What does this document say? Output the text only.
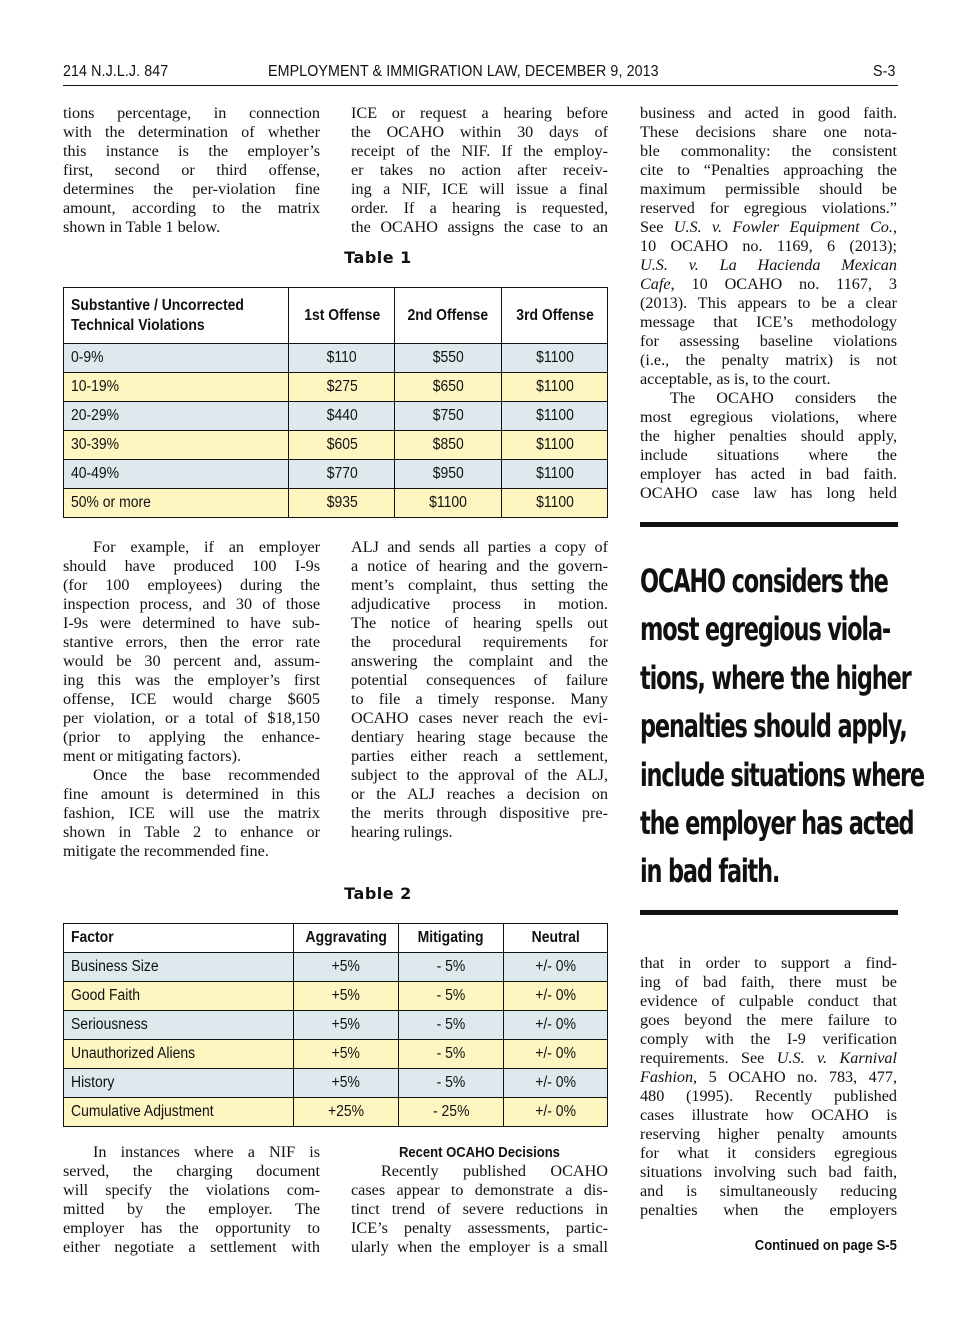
214 N.J.L.J. 847	EMPLOYMENT & IMMIGRATION LAW, DECEMBER 9, 2013	S-3
tions percentage, in connection
with the determination of whether
this instance is the employer’s
first, second or third offense,
determines the per-violation fine
amount, according to the matrix
shown in Table 1 below.
ICE or request a hearing before
the OCAHO within 30 days of
receipt of the NIF. If the employ-
er takes no action after receiv-
ing a NIF, ICE will issue a final
order. If a hearing is requested,
the OCAHO assigns the case to an
Table 1
Substantive / Uncorrected
Technical Violations	1st Offense	2nd Offense	3rd Offense
0-9%	$110	$550	$1100
10-19%	$275	$650	$1100
20-29%	$440	$750	$1100
30-39%	$605	$850	$1100
40-49%	$770	$950	$1100
50% or more	$935	$1100	$1100
For example, if an employer
should have produced 100 I-9s
(for 100 employees) during the
inspection process, and 30 of those
I-9s were determined to have sub-
stantive errors, then the error rate
would be 30 percent and, assum-
ing this was the employer’s first
offense, ICE would charge $605
per violation, or a total of $18,150
(prior to applying the enhance-
ment or mitigating factors).
Once the base recommended
fine amount is determined in this
fashion, ICE will use the matrix
shown in Table 2 to enhance or
mitigate the recommended fine.
ALJ and sends all parties a copy of
a notice of hearing and the govern-
ment’s complaint, thus setting the
adjudicative process in motion.
The notice of hearing spells out
the procedural requirements for
answering the complaint and the
potential consequences of failure
to file a timely response. Many
OCAHO cases never reach the evi-
dentiary hearing stage because the
parties either reach a settlement,
subject to the approval of the ALJ,
or the ALJ reaches a decision on
the merits through dispositive pre-
hearing rulings.
Table 2
Factor	Aggravating	Mitigating	Neutral
Business Size	+5%	- 5%	+/- 0%
Good Faith	+5%	- 5%	+/- 0%
Seriousness	+5%	- 5%	+/- 0%
Unauthorized Aliens	+5%	- 5%	+/- 0%
History	+5%	- 5%	+/- 0%
Cumulative Adjustment	+25%	- 25%	+/- 0%
In instances where a NIF is
served, the charging document
will specify the violations com-
mitted by the employer. The
employer has the opportunity to
either negotiate a settlement with
Recent OCAHO Decisions
Recently published OCAHO
cases appear to demonstrate a dis-
tinct trend of severe reductions in
ICE’s penalty assessments, partic-
ularly when the employer is a small
business and acted in good faith.
These decisions share one nota-
ble commonality: the consistent
cite to “Penalties approaching the
maximum permissible should be
reserved for egregious violations.”
See U.S. v. Fowler Equipment Co.,
10 OCAHO no. 1169, 6 (2013);
U.S. v. La Hacienda Mexican
Cafe, 10 OCAHO no. 1167, 3
(2013). This appears to be a clear
message that ICE’s methodology
for assessing baseline violations
(i.e., the penalty matrix) is not
acceptable, as is, to the court.
The OCAHO considers the
most egregious violations, where
the higher penalties should apply,
include situations where the
employer has acted in bad faith.
OCAHO case law has long held
OCAHO considers the
most egregious viola-
tions, where the higher
penalties should apply,
include situations where
the employer has acted
in bad faith.
that in order to support a find-
ing of bad faith, there must be
evidence of culpable conduct that
goes beyond the mere failure to
comply with the I-9 verification
requirements. See U.S. v. Karnival
Fashion, 5 OCAHO no. 783, 477,
480 (1995). Recently published
cases illustrate how OCAHO is
reserving higher penalty amounts
for what it considers egregious
situations involving such bad faith,
and is simultaneously reducing
penalties when the employers
Continued on page S-5
